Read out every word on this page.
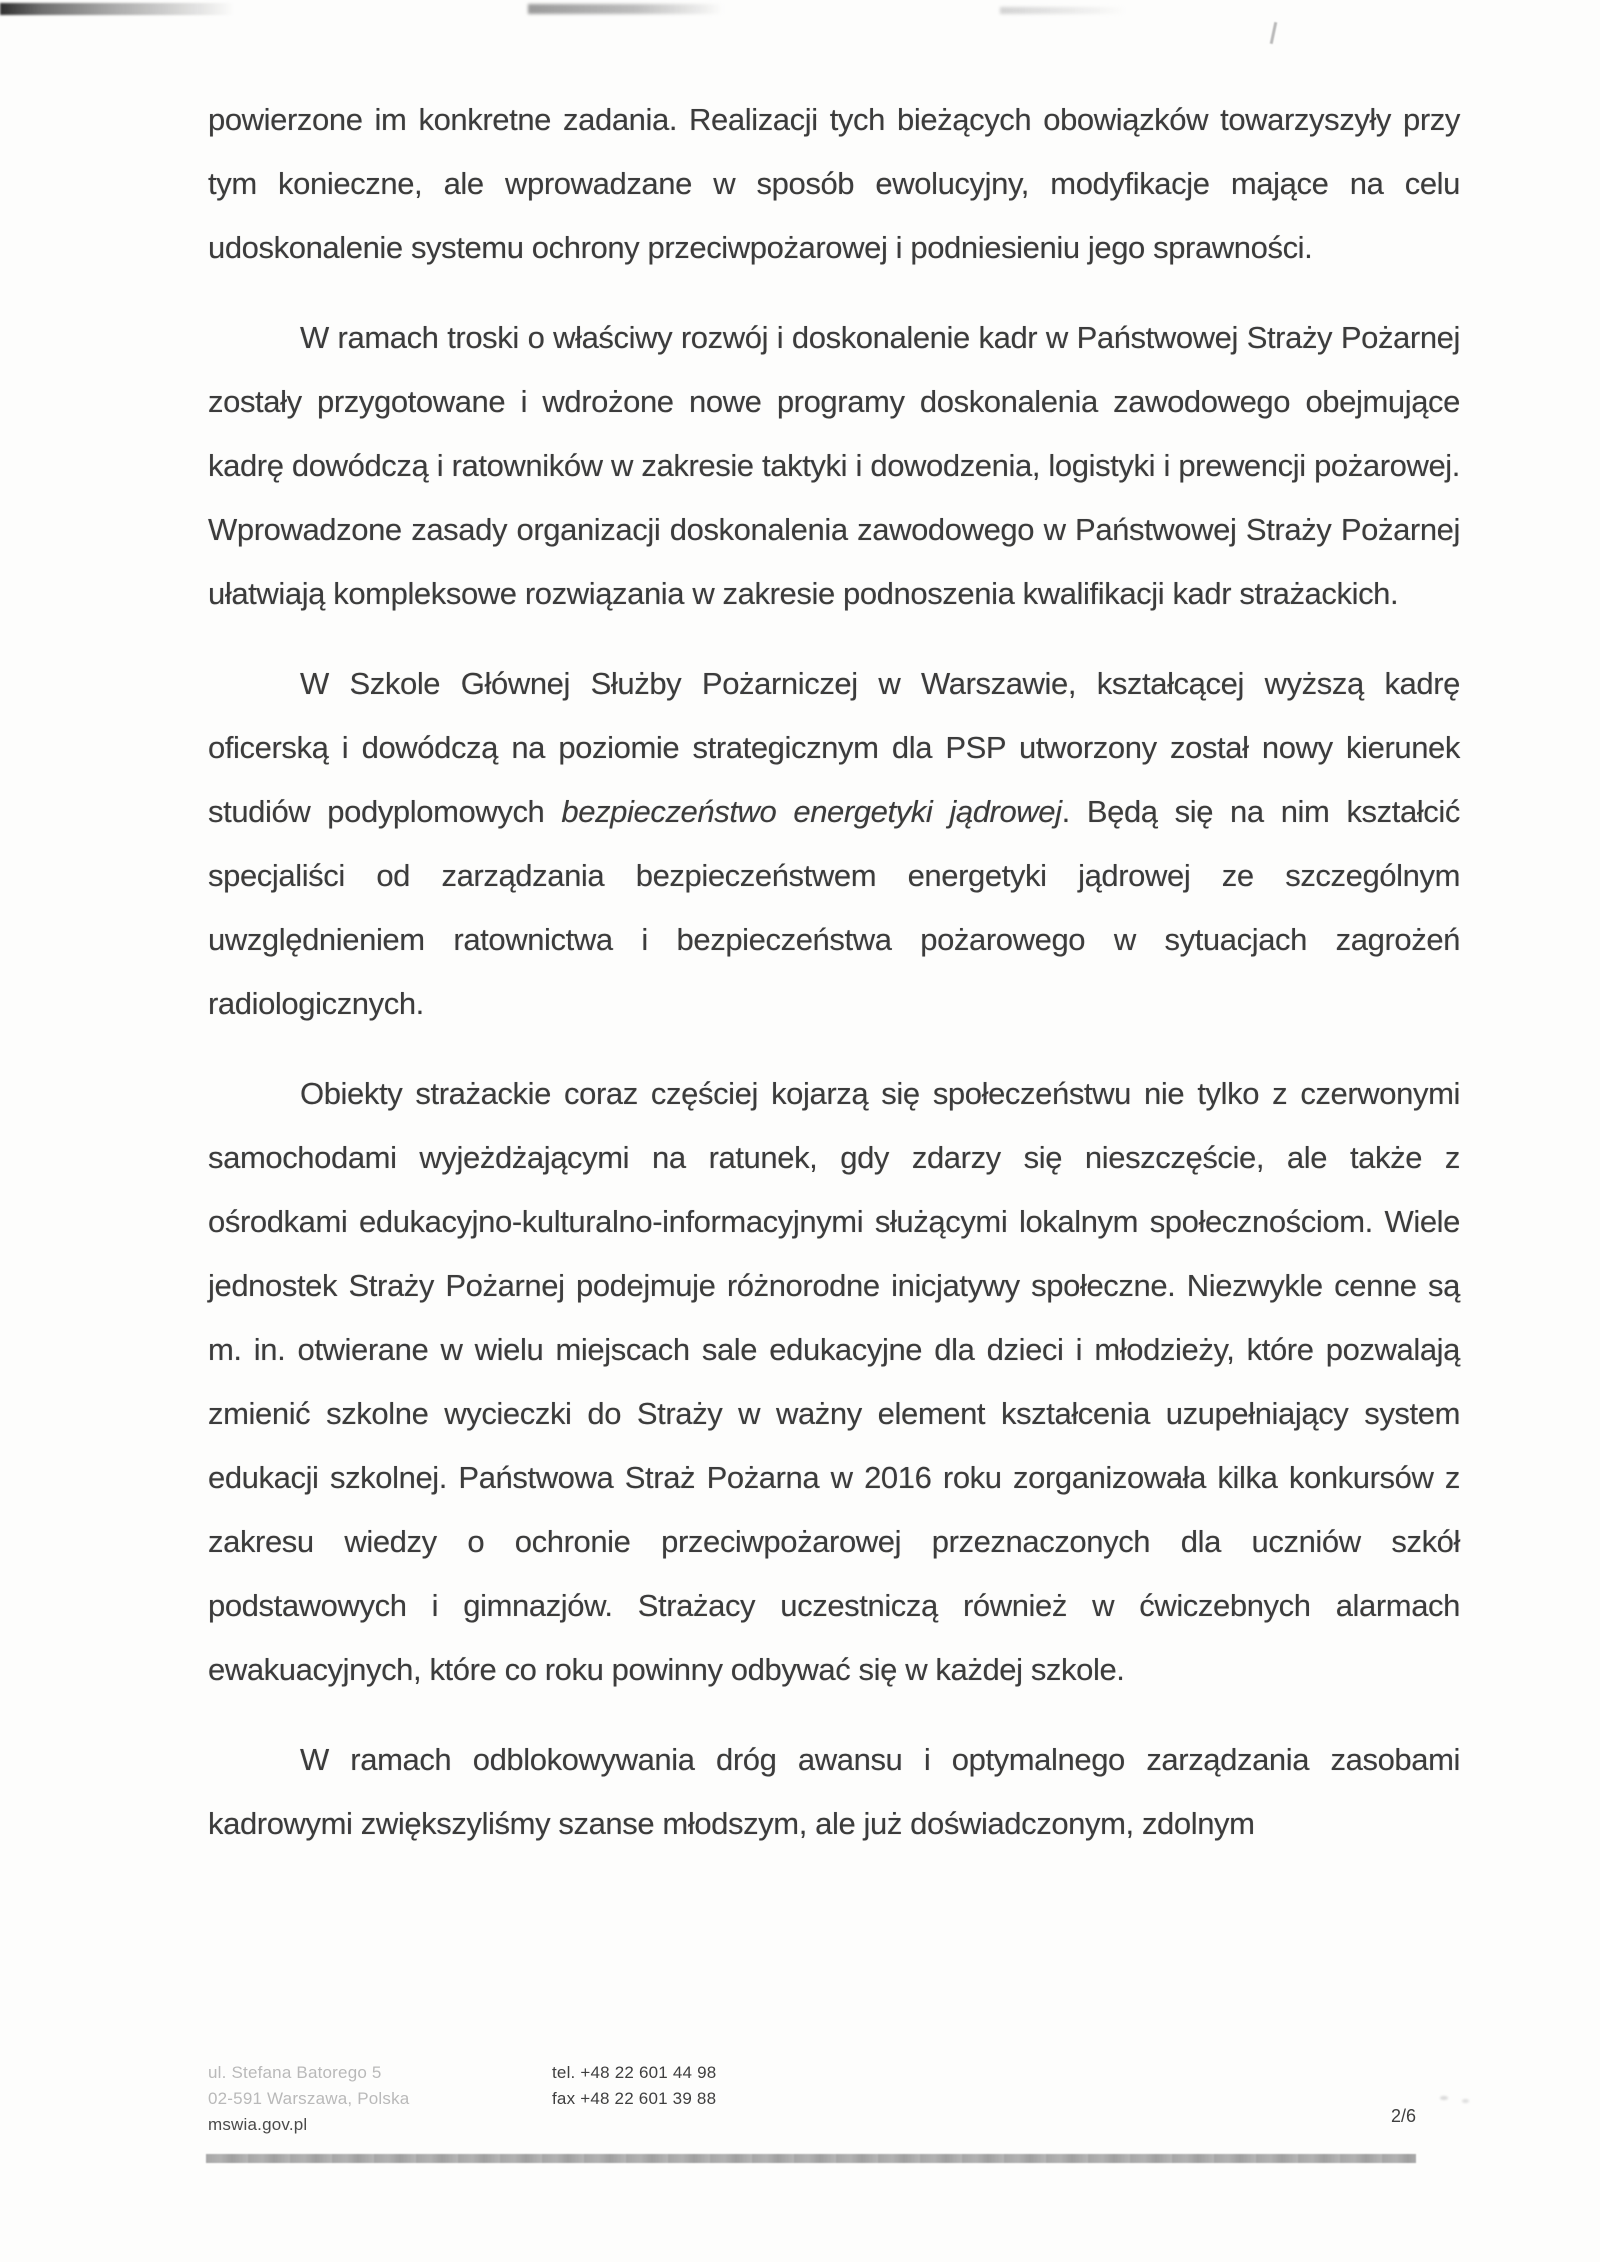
powierzone im konkretne zadania. Realizacji tych bieżących obowiązków towarzyszyły przy tym konieczne, ale wprowadzane w sposób ewolucyjny, modyfikacje mające na celu udoskonalenie systemu ochrony przeciwpożarowej i podniesieniu jego sprawności.

W ramach troski o właściwy rozwój i doskonalenie kadr w Państwowej Straży Pożarnej zostały przygotowane i wdrożone nowe programy doskonalenia zawodowego obejmujące kadrę dowódczą i ratowników w zakresie taktyki i dowodzenia, logistyki i prewencji pożarowej. Wprowadzone zasady organizacji doskonalenia zawodowego w Państwowej Straży Pożarnej ułatwiają kompleksowe rozwiązania w zakresie podnoszenia kwalifikacji kadr strażackich.

W Szkole Głównej Służby Pożarniczej w Warszawie, kształcącej wyższą kadrę oficerską i dowódczą na poziomie strategicznym dla PSP utworzony został nowy kierunek studiów podyplomowych bezpieczeństwo energetyki jądrowej. Będą się na nim kształcić specjaliści od zarządzania bezpieczeństwem energetyki jądrowej ze szczególnym uwzględnieniem ratownictwa i bezpieczeństwa pożarowego w sytuacjach zagrożeń radiologicznych.

Obiekty strażackie coraz częściej kojarzą się społeczeństwu nie tylko z czerwonymi samochodami wyjeżdżającymi na ratunek, gdy zdarzy się nieszczęście, ale także z ośrodkami edukacyjno-kulturalno-informacyjnymi służącymi lokalnym społecznościom. Wiele jednostek Straży Pożarnej podejmuje różnorodne inicjatywy społeczne. Niezwykle cenne są m. in. otwierane w wielu miejscach sale edukacyjne dla dzieci i młodzieży, które pozwalają zmienić szkolne wycieczki do Straży w ważny element kształcenia uzupełniający system edukacji szkolnej. Państwowa Straż Pożarna w 2016 roku zorganizowała kilka konkursów z zakresu wiedzy o ochronie przeciwpożarowej przeznaczonych dla uczniów szkół podstawowych i gimnazjów. Strażacy uczestniczą również w ćwiczebnych alarmach ewakuacyjnych, które co roku powinny odbywać się w każdej szkole.

W ramach odblokowywania dróg awansu i optymalnego zarządzania zasobami kadrowymi zwiększyliśmy szanse młodszym, ale już doświadczonym, zdolnym

ul. Stefana Batorego 5
02-591 Warszawa, Polska
mswia.gov.pl
tel. +48 22 601 44 98
fax +48 22 601 39 88
2/6
